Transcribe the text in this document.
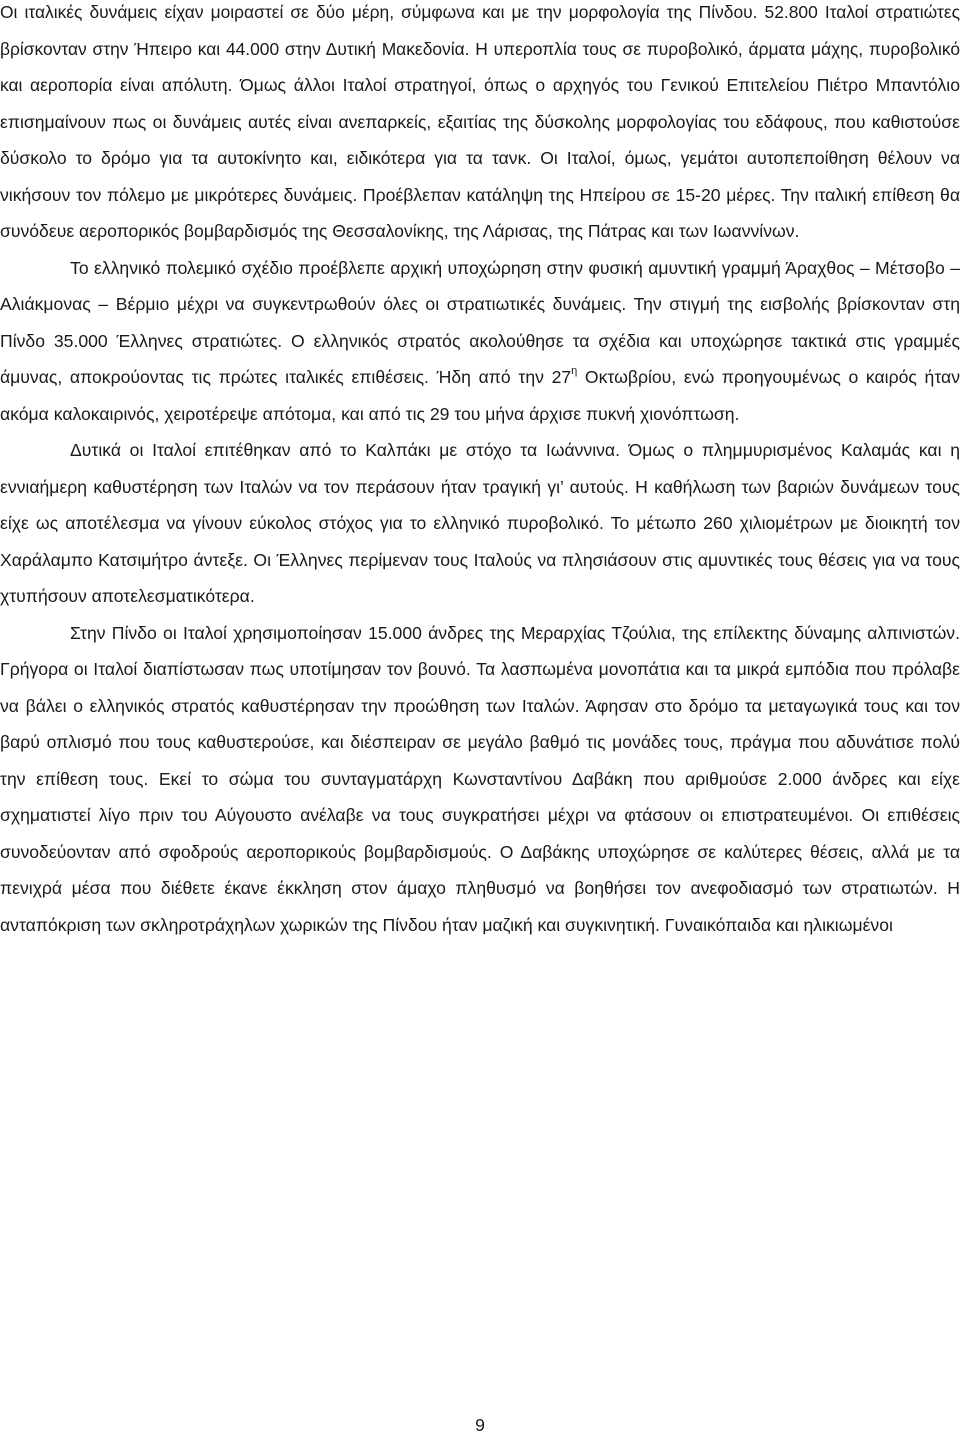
Οι ιταλικές δυνάμεις είχαν μοιραστεί σε δύο μέρη, σύμφωνα και με την μορφολογία της Πίνδου. 52.800 Ιταλοί στρατιώτες βρίσκονταν στην Ήπειρο και 44.000 στην Δυτική Μακεδονία. Η υπεροπλία τους σε πυροβολικό, άρματα μάχης, πυροβολικό και αεροπορία είναι απόλυτη. Όμως άλλοι Ιταλοί στρατηγοί, όπως ο αρχηγός του Γενικού Επιτελείου Πιέτρο Μπαντόλιο επισημαίνουν πως οι δυνάμεις αυτές είναι ανεπαρκείς, εξαιτίας της δύσκολης μορφολογίας του εδάφους, που καθιστούσε δύσκολο το δρόμο για τα αυτοκίνητο και, ειδικότερα για τα τανκ. Οι Ιταλοί, όμως, γεμάτοι αυτοπεποίθηση θέλουν να νικήσουν τον πόλεμο με μικρότερες δυνάμεις. Προέβλεπαν κατάληψη της Ηπείρου σε 15-20 μέρες. Την ιταλική επίθεση θα συνόδευε αεροπορικός βομβαρδισμός της Θεσσαλονίκης, της Λάρισας, της Πάτρας και των Ιωαννίνων.

Το ελληνικό πολεμικό σχέδιο προέβλεπε αρχική υποχώρηση στην φυσική αμυντική γραμμή Άραχθος – Μέτσοβο – Αλιάκμονας – Βέρμιο μέχρι να συγκεντρωθούν όλες οι στρατιωτικές δυνάμεις. Την στιγμή της εισβολής βρίσκονταν στη Πίνδο 35.000 Έλληνες στρατιώτες. Ο ελληνικός στρατός ακολούθησε τα σχέδια και υποχώρησε τακτικά στις γραμμές άμυνας, αποκρούοντας τις πρώτες ιταλικές επιθέσεις. Ήδη από την $27^\eta$ Οκτωβρίου, ενώ προηγουμένως ο καιρός ήταν ακόμα καλοκαιρινός, χειροτέρεψε απότομα, και από τις 29 του μήνα άρχισε πυκνή χιονόπτωση.

Δυτικά οι Ιταλοί επιτέθηκαν από το Καλπάκι με στόχο τα Ιωάννινα. Όμως ο πλημμυρισμένος Καλαμάς και η εννιαήμερη καθυστέρηση των Ιταλών να τον περάσουν ήταν τραγική γι’ αυτούς. Η καθήλωση των βαριών δυνάμεων τους είχε ως αποτέλεσμα να γίνουν εύκολος στόχος για το ελληνικό πυροβολικό. Το μέτωπο 260 χιλιομέτρων με διοικητή τον Χαράλαμπο Κατσιμήτρο άντεξε. Οι Έλληνες περίμεναν τους Ιταλούς να πλησιάσουν στις αμυντικές τους θέσεις για να τους χτυπήσουν αποτελεσματικότερα.

Στην Πίνδο οι Ιταλοί χρησιμοποίησαν 15.000 άνδρες της Μεραρχίας Τζούλια, της επίλεκτης δύναμης αλπινιστών. Γρήγορα οι Ιταλοί διαπίστωσαν πως υποτίμησαν τον βουνό. Τα λασπωμένα μονοπάτια και τα μικρά εμπόδια που πρόλαβε να βάλει ο ελληνικός στρατός καθυστέρησαν την προώθηση των Ιταλών. Άφησαν στο δρόμο τα μεταγωγικά τους και τον βαρύ οπλισμό που τους καθυστερούσε, και διέσπειραν σε μεγάλο βαθμό τις μονάδες τους, πράγμα που αδυνάτισε πολύ την επίθεση τους. Εκεί το σώμα του συνταγματάρχη Κωνσταντίνου Δαβάκη που αριθμούσε 2.000 άνδρες και είχε σχηματιστεί λίγο πριν του Αύγουστο ανέλαβε να τους συγκρατήσει μέχρι να φτάσουν οι επιστρατευμένοι. Οι επιθέσεις συνοδεύονταν από σφοδρούς αεροπορικούς βομβαρδισμούς. Ο Δαβάκης υποχώρησε σε καλύτερες θέσεις, αλλά με τα πενιχρά μέσα που διέθετε έκανε έκκληση στον άμαχο πληθυσμό να βοηθήσει τον ανεφοδιασμό των στρατιωτών. Η ανταπόκριση των σκληροτράχηλων χωρικών της Πίνδου ήταν μαζική και συγκινητική. Γυναικόπαιδα και ηλικιωμένοι

9
